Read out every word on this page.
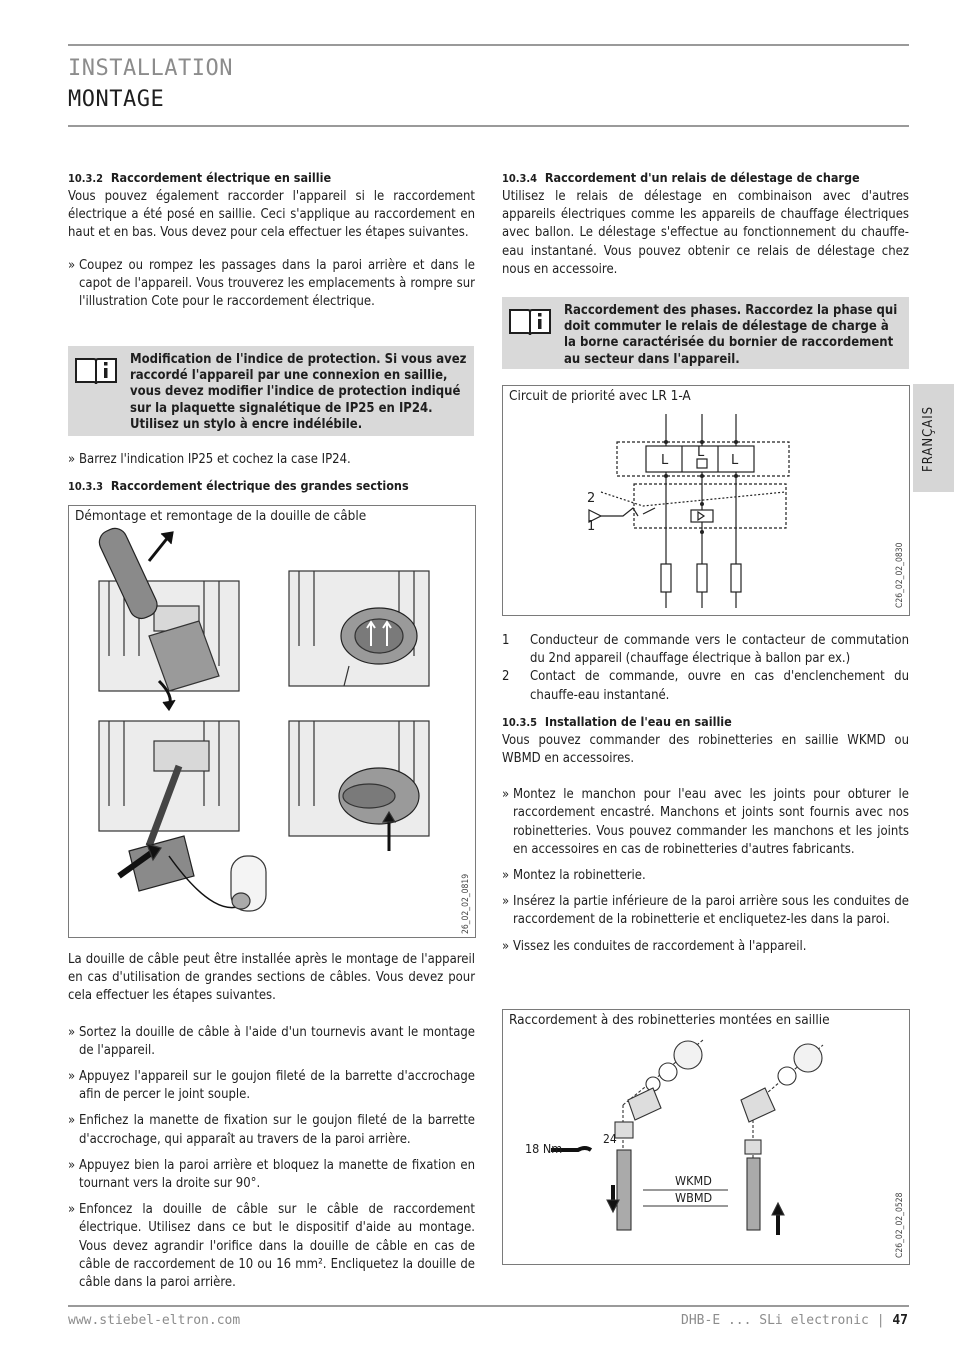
INSTALLATION
MONTAGE
10.3.2 Raccordement électrique en saillie

Vous pouvez également raccorder l'appareil si le raccordement électrique a été posé en saillie. Ceci s'applique au raccordement en haut et en bas. Vous devez pour cela effectuer les étapes suivantes.

» Coupez ou rompez les passages dans la paroi arrière et dans le capot de l'appareil. Vous trouverez les emplacements à rompre sur l'illustration Cote pour le raccordement électrique.

Modification de l'indice de protection. Si vous avez raccordé l'appareil par une connexion en saillie, vous devez modifier l'indice de protection indiqué sur la plaquette signalétique de IP25 en IP24. Utilisez un stylo à encre indélébile.

» Barrez l'indication IP25 et cochez la case IP24.

10.3.3 Raccordement électrique des grandes sections
Démontage et remontage de la douille de câble
26_02_02_0819

La douille de câble peut être installée après le montage de l'appareil en cas d'utilisation de grandes sections de câbles. Vous devez pour cela effectuer les étapes suivantes.

» Sortez la douille de câble à l'aide d'un tournevis avant le montage de l'appareil.

» Appuyez l'appareil sur le goujon fileté de la barrette d'accrochage afin de percer le joint souple.

» Enfichez la manette de fixation sur le goujon fileté de la barrette d'accrochage, qui apparaît au travers de la paroi arrière.

» Appuyez bien la paroi arrière et bloquez la manette de fixation en tournant vers la droite sur 90°.

» Enfoncez la douille de câble sur le câble de raccordement électrique. Utilisez dans ce but le dispositif d'aide au montage. Vous devez agrandir l'orifice dans la douille de câble en cas de câble de raccordement de 10 ou 16 mm². Encliquetez la douille de câble dans la paroi arrière.

10.3.4 Raccordement d'un relais de délestage de charge

Utilisez le relais de délestage en combinaison avec d'autres appareils électriques comme les appareils de chauffage électriques avec ballon. Le délestage s'effectue au fonctionnement du chauffe-eau instantané. Vous pouvez obtenir ce relais de délestage chez nous en accessoire.

Raccordement des phases. Raccordez la phase qui doit commuter le relais de délestage de charge à la borne caractérisée du bornier de raccordement au secteur dans l'appareil.
Circuit de priorité avec LR 1-A
L
L
L
1
2
C26_02_02_0830

1 Conducteur de commande vers le contacteur de commutation du 2nd appareil (chauffage électrique à ballon par ex.)

2 Contact de commande, ouvre en cas d'enclenchement du chauffe-eau instantané.

10.3.5 Installation de l'eau en saillie

Vous pouvez commander des robinetteries en saillie WKMD ou WBMD en accessoires.

» Montez le manchon pour l'eau avec les joints pour obturer le raccordement encastré. Manchons et joints sont fournis avec nos robinetteries. Vous pouvez commander les manchons et les joints en accessoires en cas de robinetteries d'autres fabricants.

» Montez la robinetterie.

» Insérez la partie inférieure de la paroi arrière sous les conduites de raccordement de la robinetterie et encliquetez-les dans la paroi.

» Vissez les conduites de raccordement à l'appareil.

Raccordement à des robinetteries montées en saillie
18 Nm
24
WKMD
WBMD	C26_02_02_0528
FRANÇAIS
www.stiebel-eltron.com	DHB-E ... SLi electronic | 47
